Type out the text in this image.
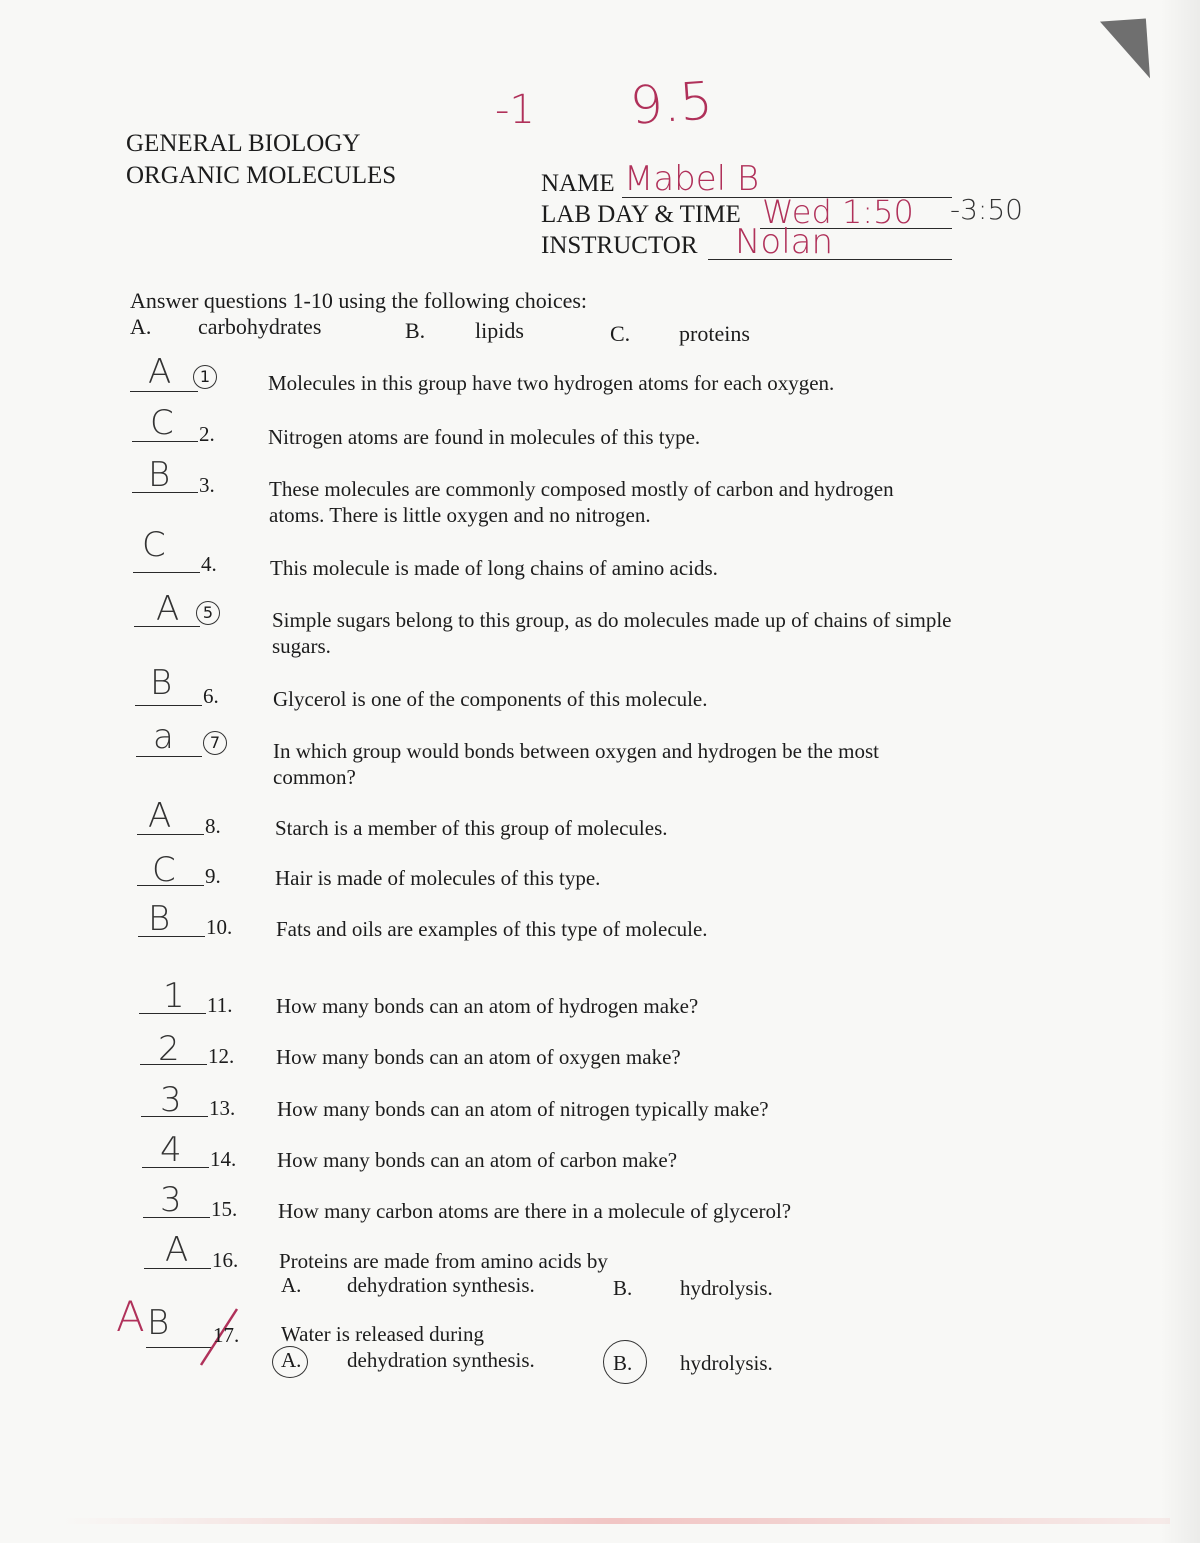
-1 9.5
GENERAL BIOLOGY
ORGANIC MOLECULES	NAME Mabel B
LAB DAY & TIME Wed 1:50 -3:50
INSTRUCTOR Nolan
Answer questions 1-10 using the following choices:
A. carbohydrates	B. lipids	C. proteins
A	1	Molecules in this group have two hydrogen atoms for each oxygen.
C 2.	Nitrogen atoms are found in molecules of this type.
B 3.	These molecules are commonly composed mostly of carbon and hydrogen atoms. There is little oxygen and no nitrogen.
C 4.	This molecule is made of long chains of amino acids.
A	5	Simple sugars belong to this group, as do molecules made up of chains of simple sugars.
B 6.	Glycerol is one of the components of this molecule.
a	7	In which group would bonds between oxygen and hydrogen be the most common?
A 8.	Starch is a member of this group of molecules.
C 9.	Hair is made of molecules of this type.
B 10. Fats and oils are examples of this type of molecule.
1 11. How many bonds can an atom of hydrogen make?
2 12. How many bonds can an atom of oxygen make?
3 13. How many bonds can an atom of nitrogen typically make?
4 14. How many bonds can an atom of carbon make?
3 15. How many carbon atoms are there in a molecule of glycerol?
A 16. Proteins are made from amino acids by
A. dehydration synthesis.	B. hydrolysis.
A B 17. Water is released during
A. dehydration synthesis.	B. hydrolysis.
